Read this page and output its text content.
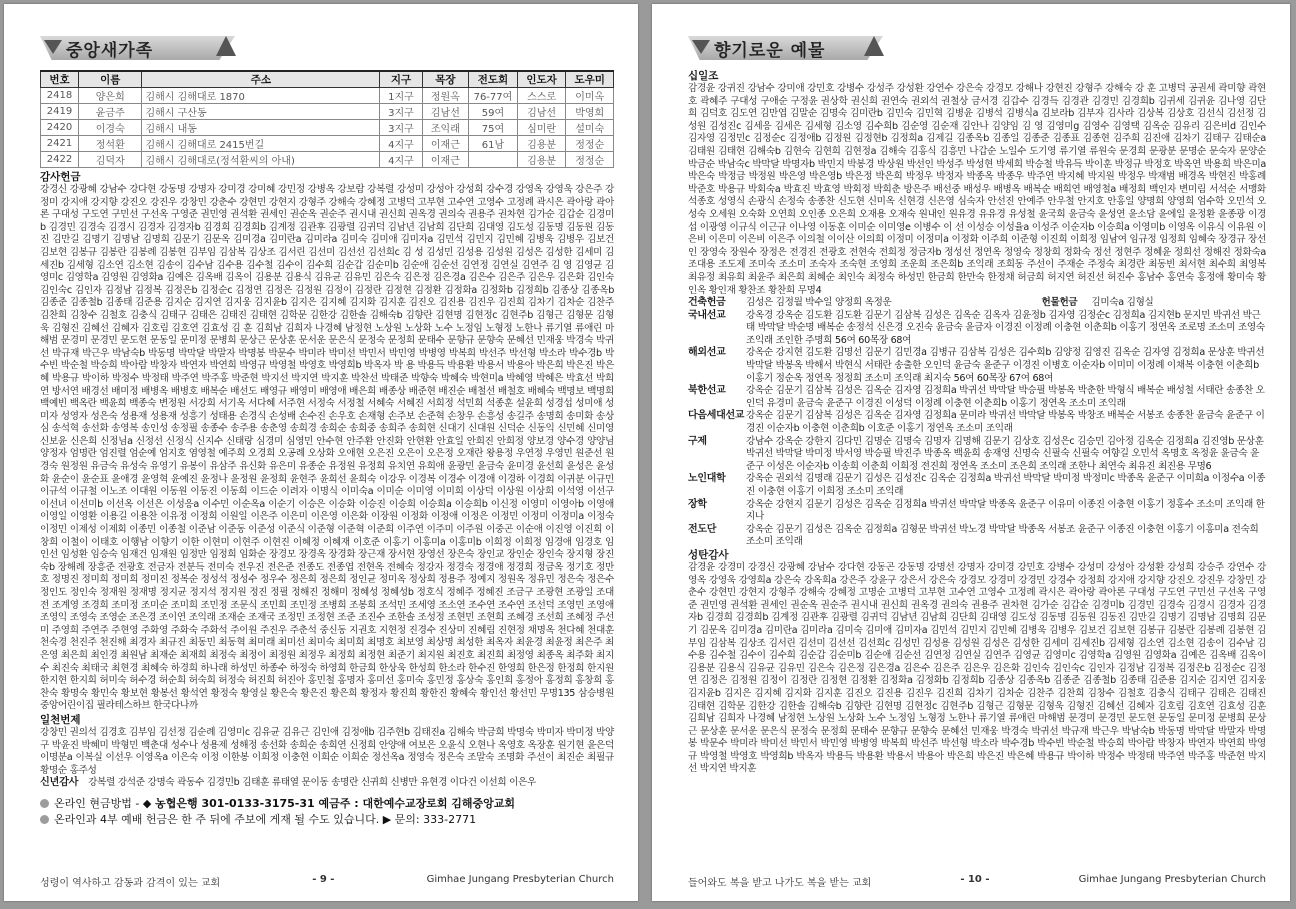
중앙새가족
번호	이름	주소	지구	목장	전도회	인도자	도우미
2418	양은희	김해시 김해대로 1870	1지구	정원옥	76-77여	스스로	이미옥
2419	윤금주	김해시 구산동	3지구	김남선	59여	김남선	박영희
2420	이경숙	김해시 내동	3지구	조익래	75여	심미란	설미숙
2421	정석환	김해시 김해대로 2415번길	4지구	이재근	61남	김용분	정정순
2422	김덕자	김해시 김해대로(정석환씨의 아내)	4지구	이재근		김용분	정정순
감사헌금

강경신 강광혜 강남수 강다현 강동명 강명자 강미경 강미혜 강민정 강병옥 강보람 강복렬 강성미 강성아 강성희 강수경 강영옥 강영욱 강은주 강정미 강지애 강지향 강진오 강진우 강창민 강춘수 강현민 강현지 강형주 강해숙 강혜정 고병덕 고부현 고수연 고영수 고정례 곽시은 곽아랑 곽아론 구대성 구도연 구민선 구선옥 구영준 권민영 권석환 권세인 권순옥 권순주 권시내 권신희 권옥경 권의숙 권용주 권차현 김가순 김갑순 김경미b 김경민 김경숙 김경시 김경자 김경자b 김경희 김경희b 김계정 김관후 김광렬 김귀덕 김남년 김남희 김단희 김대영 김도성 김동명 김동원 김동진 김만길 김명기 김명남 김명희 김문기 김문옥 김미경a 김미란a 김미라a 김미숙 김미애 김미자a 김민석 김민지 김민혜 김병욱 김병우 김보건 김보현 김봉규 김봉란 김봉례 김봉현 김부임 김삼복 김상조 김서린 김선미 김선선 김선희c 김 성 김성민 김성용 김성원 김성은 김성한 김세미 김세진b 김세형 김소연 김소현 김송이 김수남 김수용 김수철 김수이 김수희 김순갑 김순미b 김순애 김순선 김연정 김연실 김연주 김 영 김영균 김영미c 김영학a 김영원 김영화a 김예은 김옥배 김옥이 김용분 김용식 김유균 김유민 김은숙 김은정 김은경a 김은수 김은주 김은우 김은화 김인숙 김인숙c 김인자 김정남 김정복 김정은b 김정순c 김정연 김정은 김정원 김정이 김정란 김정현 김정환 김정화a 김정화b 김정희b 김종상 김종옥b 김종준 김종철b 김종태 김준용 김지순 김지연 김지웅 김지윤b 김지은 김지혜 김지화 김지훈 김진오 김진용 김진우 김진희 김차기 김차순 김찬주 김찬희 김창수 김철호 김충식 김태구 김태은 김태진 김태현 김학문 김한강 김한솔 김해숙b 김향란 김현명 김현정c 김현주b 김형근 김형문 김형욱 김형진 김혜선 김혜자 김호림 김호연 김효성 김 훈 김희남 김희자 나경혜 남정현 노상원 노상화 노수 노정임 노형정 노한나 류기열 류애린 마해범 문경미 문경민 문도현 문동일 문미정 문병희 문상근 문상훈 문서운 문은식 문정숙 문정희 문태수 문향규 문향숙 문혜선 민재웅 박경숙 박귀선 박규재 박근우 박남숙b 박동명 박막달 박말자 박명봉 박문수 박미라 박미선 박민서 박민영 박병영 박복희 박선주 박선형 박소라 박수경b 박수빈 박순철 박승희 박아람 박창자 박연자 박연희 박영규 박영철 박영호 박영희b 박옥자 박 용 박용득 박용환 박용서 박용아 박은희 박은진 박은혜 박용규 박이하 박정수 박정태 박주연 박주홍 박준현 박지선 박지연 박지훈 박찬선 박태준 박향숙 박혜숙 박현미a 박혜영 박혜은 박효선 박희연 방서연 배경선 배미정 배병옥 배병호 배복순 배선도 배영규 배영미 배영애 배은희 배종상 배준현 배진순 배철선 배철호 배혜숙 백명보 백명희 백예빈 백옥란 백윤희 백종숙 변정원 서강희 서기옥 서다혜 서주현 서정숙 서정철 서혜숙 서혜진 서희정 석민희 석종훈 설윤희 성경섭 성미애 성미자 성영자 성은숙 성용재 성용재 성흥기 성태용 손경식 손성배 손수진 손우호 손재형 손주보 손준혁 손창우 손흥성 송길주 송명희 송미화 송상심 송석혁 송선화 송영복 송인성 송정필 송종수 송주용 송춘영 송희경 송희순 송희중 송희주 송희현 신대기 신대원 신덕순 신동익 신민혜 신미영 신보윤 신은희 신정님a 신정선 신정식 신지수 신태랑 심경미 심영민 안수현 안주환 안진화 안현환 안효일 안희진 안희정 양보경 양수경 양양님 양정자 엄명란 엄진렬 엄순예 엄지호 염영철 예주희 오경희 오공례 오상화 오애현 오은진 오은이 오은정 오재란 왕용정 우연정 우영민 원준선 원경숙 원정원 유금숙 유성숙 유영기 유봉이 유삼주 유신화 유은미 유종순 유정원 유정희 유치연 유희애 윤광민 윤금숙 윤미경 윤선희 윤성은 윤성화 윤순이 윤순표 윤애경 윤영혁 윤예진 윤정나 윤정원 윤정희 윤현주 윤희선 윤희숙 이강우 이경복 이경수 이경애 이경하 이경희 이귀분 이규민 이규석 이규철 이노조 이대원 이동원 이동진 이동희 이드순 이려자 이명식 이미숙a 이미순 이미영 이미희 이상덕 이상원 이상희 이석영 이선구 이선녀 이선미b 이선옥 이선은 이성응a 이수민 이순옥a 이순기 이승은 이승화 이승진 이승희 이승희a 이승희b 이신정 이영미 이영아b 이영애 이영일 이영환 이용길 이용찬 이유정 이정희 이원일 이은주 이은미 이은영 이은화 이장원 이정화 이정애 이정은 이정민 이정미 이정미a 이정숙 이정민 이제성 이제회 이종민 이종철 이준남 이준동 이준성 이준식 이준형 이준혁 이준희 이주연 이주미 이주원 이중곤 이순애 이진영 이진희 이창희 이철이 이태호 이행남 이향기 이한 이현미 이현주 이현진 이혜정 이혜재 이호준 이홍기 이홍미a 이홍미b 이희정 이희정 임경애 임경호 임인선 임성환 임승숙 임재건 임재원 임정만 임정희 임화순 장경모 장경옥 장경화 장근재 장서현 장영선 장은숙 장인교 장인순 장인숙 장지형 장진숙b 장해례 장흥준 전광호 전금자 전분득 전미숙 전우진 전은준 전종도 전종엽 전현옥 전혜숙 정강자 정경숙 정경애 정경희 정금옥 정기호 정만호 정명진 정미희 정미희 정미진 정복순 정성석 정성수 정우수 정은희 정은희 정인균 정미옥 정상희 정용주 정예지 정원옥 정유민 정은숙 정은수 정인도 정인숙 정재원 정재명 정지균 정지석 정지원 정진 정필 정해진 정해미 정혜성 정혜성b 정호식 정혜주 정혜진 조금구 조광현 조광일 조대전 조계영 조경희 조미정 조미순 조미희 조민정 조문식 조민희 조민정 조병희 조봉희 조석민 조세영 조소연 조수연 조수연 조선덕 조영민 조영애 조영익 조영숙 조영순 조은경 조이연 조익래 조재순 조재국 조정민 조정현 조준 조진수 조한솔 조성정 조현민 조현희 조혜경 조선희 조혜정 주선미 주영희 주연주 주현영 주화영 주화숙 주화석 주이원 주진우 주춘석 중신동 지권호 지현정 진경수 진상미 진혜림 진현정 채명옥 천다혜 천대훈 천숙경 천진주 천진해 최경자 최규진 최동민 최동혁 최미래 최미선 최미숙 최미희 최명호 최보영 최상명 최성한 최옥자 최윤경 최윤정 최은주 최은영 최은희 최인경 최원남 최재순 최재희 최정숙 최정이 최정원 최정우 최정희 최정현 최준기 최지원 최진호 최진희 최정영 최종옥 최주화 최지수 최진숙 최태국 최현경 최혜숙 하경희 하나래 하성민 하종수 하정숙 하영희 한금희 한상욱 한성희 한소라 한수진 한영희 한은정 한정희 한지원 한지현 한지희 허미숙 허수경 허순희 허숙희 허정숙 허진희 허진아 홍민철 홍명자 홍미선 홍미숙 홍민정 홍상숙 홍인희 홍정아 홍정희 홍창희 홍찬숙 황명숙 황민숙 황보현 황봉선 황석연 황정숙 황영실 황은숙 황은진 황은희 황정자 황진희 황한진 황혜숙 황인선 황선민 무명135 삼승병원 중앙어린이집 필라테스하브 한국다나까

일천번제

강창민 권의석 김경호 김부임 김선정 김순례 김영미c 김유균 김유근 김인애 김정애b 김주현b 김태진a 김해숙 박금희 박명숙 박미자 박미정 박양구 박윤진 박혜미 박형민 백춘대 성수나 성용제 성해정 송선화 송희순 송희연 신정희 안양애 여보은 오윤식 오현나 옥영호 옥장훈 원기현 윤은덕 이명분a 이복실 이선우 이영옥a 이은숙 이정 이한봉 이희정 이충현 이희순 이희순 정선옥a 정영숙 정은숙 조말숙 조명화 주선이 최진순 최필규 황명순 홍주성

신년감사 강복렬 강석준 강명숙 곽동수 김경민b 김태훈 류태열 문이동 송명란 신귀희 신병만 유현경 이다건 이선희 이은우
온라인 현금방법 - ◆ 농협은행 301-0133-3175-31 예금주 : 대한예수교장로회 김해중앙교회
온라인과 4부 예배 헌금은 한 주 뒤에 주보에 게재 될 수도 있습니다. ▶ 문의: 333-2771
성령이 역사하고 감동과 감격이 있는 교회	- 9 -	Gimhae Jungang Presbyterian Church
향기로운 예물
십일조

감경윤 강귀진 강남수 강미애 강민호 강병수 강성주 강성환 강연수 강은숙 강경모 강해나 강현진 강형주 강해숙 강 훈 고병덕 공권세 곽미향 곽현호 곽혜주 구대성 구애순 구정윤 권상학 권신희 권연숙 권외석 권철상 금서경 김갑수 김경득 김경관 김경민 김경희b 김귀세 김귀윤 김나영 김단희 김덕호 김도연 김만엽 김말순 김명숙 김미란b 김민숙 김민혁 김병윤 김병석 김병식a 김보라b 김부자 김사라 김상복 김상호 김선식 김선정 김성원 김성진c 김세응 김세은 김세형 김소영 김수희b 김순영 김순재 김안나 김양임 김 영 김영미g 김영수 김영택 김옥순 김유리 김은비d 김인수 김자영 김정민c 김정순c 김정애b 김정원 김정현b 김정희a 김제길 김종옥b 김종일 김종준 김종표 김종현 김주희 김진애 김차기 김태구 김태순a 김태원 김태현 김해숙b 김현숙 김현희 김현정a 김해숙 김홍식 김흥민 나갑순 노일수 도기영 류기열 류원숙 문경희 문광분 문명순 문숙자 문양순 박금순 박남숙c 박막달 박명자b 박민지 박봉경 박상원 박선인 박성주 박성현 박세희 박승철 박유득 박이훈 박정규 박정호 박옥연 박용희 박은미a 박은숙 박정금 박정원 박은영 박은영b 박은정 박은희 박정우 박정자 박종옥 박종우 박주연 박지혜 박지원 박정우 박재범 배경옥 박현진 박홍례 박준호 박용규 박회숙a 박효진 박효영 박회정 박희춘 방은주 배선중 배성우 배병옥 배복순 배희연 배영철a 배정희 백인자 변미림 서석순 서맹화 석종호 성영식 손광식 손정숙 송종찬 신도현 신미옥 신현경 신은영 심숙자 안선진 안예주 안우철 안지호 안홍일 양명희 양영희 엄수학 오민석 오성숙 오세원 오숙화 오연희 오인종 오은희 오재용 오재숙 원내인 원유경 유유경 유성철 윤국희 윤금숙 윤성연 윤소담 윤에일 윤정환 윤종광 이경섭 이광영 이규식 이근규 이나영 이동훈 이미순 이미영e 이병수 이 선 이성승 이성율a 이성주 이순자b 이승희a 이영미b 이영옥 이유식 이유원 이은비 이은미 이은비 이은주 이의철 이이산 이의희 이정미 이정미a 이정화 이주희 이준형 이진희 이희정 임남여 임규정 임정희 임혜숙 장경규 장선인 장영숙 장원수 장정은 전경진 전광호 전현숙 전희정 정금자b 정성선 정연옥 정영숙 정창희 정화숙 정선 정현주 정혜윤 정희선 정해진 정화숙a 조대용 조도제 조미숙 조소미 조숙자 조숙현 조영희 조운희 조은희b 조익래 조희동 주선이 주재순 주정숙 최경란 최동빈 최서현 최수희 최영복 최유정 최유희 최윤주 최은희 최혜순 최인숙 최정숙 하성민 한금희 한만숙 한정채 허금희 허지연 허진선 허진수 홍남수 홍연숙 홍정애 황미숙 황인옥 황인재 황찬조 황찬희 무명4

건축헌금	김성은 김정월 박수일 양정희 옥정운	헌물헌금 김미숙a 김형실
국내선교	강옥경 강옥순 김도환 김도환 김문기 김삼복 김성은 김옥순 김옥자 김윤정b 김자영 김정순c 김정희a 김지현b 문지민 박귀선 박근태 박막달 박순명 배복순 송정석 신은경 오진숙 윤금숙 윤금자 이경진 이정례 이충현 이춘희b 이홍기 정연옥 조로명 조소미 조영숙 조익래 조인한 주명희 56여 60목장 68여
해외선교	강옥순 강지현 김도환 김명선 김문기 김민경a 김병규 김삼복 김성은 김수희b 김양정 김영진 김옥순 김자영 김정희a 문상훈 박귀선 박막달 박봉옥 박해서 박현식 서태란 송출한 오인덕 윤금숙 윤준구 이경진 이병호 이순자b 이미미 이정례 이채복 이충현 이춘희b 이홍기 정순옥 정연옥 정정희 조소미 조익래 최지숙 56여 60목장 67여 68여
북한선교	강옥순 김문기 김삼복 김성은 김옥순 김자영 김정희a 박귀선 박막달 박승필 박봉옥 박춘한 박형식 배복순 배성철 서태란 송종찬 오인덕 유경미 윤금숙 윤준구 이경진 이성덕 이정례 이충현 이춘희b 이홍기 정연옥 조소미 조익래
다음세대선교 강옥순 김문기 김삼복 김성은 김옥순 김자영 김정희a 문미라 박귀선 박막달 박봉옥 박창조 배복순 서봉조 송종찬 윤금숙 윤준구 이경진 이순자b 이충현 이춘희b 이호준 이홍기 정연옥 조소미 조익래
구제	강남수 강옥순 강한지 김다민 김명순 김명숙 김명자 김명해 김문기 김상호 김성은c 김승민 김아정 김옥순 김정희a 김진영b 문상훈 박귀선 박막달 박미정 박서영 박승필 박진주 박종옥 백윤희 송재영 신명숙 신필숙 신필숙 여향길 오민석 옥명호 옥정윤 윤금숙 윤준구 이성은 이순자b 이송희 이춘희 이희정 전진희 정연옥 조소미 조은희 조익래 조한나 최연숙 최유진 최진용 무명6
노인대학	강옥순 권외석 김명래 김문기 김성은 김성진c 김옥순 김정희a 박귀선 박막달 박미정 박정미c 박종옥 윤준구 이미희a 이정수a 이종진 이충현 이홍기 이희정 조소미 조익래
장학	강옥순 강현지 김문기 김성은 김옥순 김정희a 박귀선 박막달 박종옥 윤준구 이유미 이종진 이충현 이홍기 정홍수 조소미 조익래 한지나
전도단	강옥순 김문기 김성은 김옥순 김정희a 김형문 박귀선 박노경 박막달 박종옥 서봉조 윤준구 이종진 이충현 이홍기 이홍미a 전숙희 조소미 조익래
성탄감사

감경윤 강경미 강경신 강광혜 강남수 강다현 강동곤 강동명 강명선 강명자 강미경 강민호 강병수 강성미 강성아 강성환 강성희 강승주 강연수 강영옥 강영욱 강영희a 강은숙 강옥희a 강은주 강윤구 강은서 강은숙 강경모 강경미 강경민 강경수 강정희 강지애 강지향 강진오 강진우 강창민 강춘수 강현민 강현지 강형주 강해숙 강혜정 고명순 고병덕 고부현 고수연 고영수 고정례 곽시은 곽아랑 곽아론 구대성 구도연 구민선 구선옥 구영준 권민영 권석환 권세인 권순옥 권순주 권시내 권신희 권옥경 권의숙 권용주 권차현 김가순 김갑순 김경미b 김경민 김경숙 김경시 김경자 김경자b 김경희 김경희b 김계정 김관후 김광렬 김귀덕 김남년 김남희 김단희 김대영 김도성 김동명 김동원 김동진 김만길 김명기 김명남 김명희 김문기 김문옥 김미경a 김미란a 김미라a 김미숙 김미애 김미자a 김민석 김민지 김민혜 김병욱 김병우 김보건 김보현 김봉규 김봉란 김봉례 김봉현 김부임 김삼복 김상조 김서린 김선미 김선선 김선희c 김성민 김성용 김성원 김성은 김성한 김세미 김세진b 김세형 김소연 김소현 김송이 김수남 김수용 김수철 김수이 김수희 김순갑 김순미b 김순애 김순선 김연정 김연실 김연주 김영균 김영미c 김영학a 김영원 김영화a 김예은 김옥배 김옥이 김용분 김용식 김유균 김유민 김은숙 김은정 김은경a 김은수 김은주 김은우 김은화 김인숙 김인숙c 김인자 김정남 김정복 김정은b 김정순c 김정연 김정은 김정원 김정이 김정란 김정현 김정환 김정화a 김정화b 김정희b 김종상 김종옥b 김종준 김종철b 김종태 김준용 김지순 김지연 김지웅 김지윤b 김지은 김지혜 김지화 김지훈 김진오 김진용 김진우 김진희 김차기 김차순 김찬주 김찬희 김창수 김철호 김충식 김태구 김태은 김태진 김태현 김학문 김한강 김한솔 김해숙b 김향란 김현명 김현정c 김현주b 김형근 김형문 김형욱 김형진 김혜선 김혜자 김호림 김호연 김효성 김훈 김희남 김희자 나경혜 남정현 노상원 노상화 노수 노정임 노형정 노한나 류기열 류애린 마해범 문경미 문경민 문도현 문동일 문미정 문병희 문상근 문상훈 문서운 문은식 문정숙 문정희 문태수 문향규 문향숙 문혜선 민재웅 박경숙 박귀선 박규재 박근우 박남숙b 박동명 박막달 박말자 박명봉 박문수 박미라 박미선 박민서 박민영 박병영 박복희 박선주 박선형 박소라 박수경b 박수빈 박순철 박승희 박아람 박창자 박연자 박연희 박영규 박영철 박영호 박영희b 박옥자 박용득 박용환 박용서 박용아 박은희 박은진 박은혜 박용규 박이하 박정수 박정태 박주연 박주홍 박준현 박지선 박지연 박지훈

들어와도 복을 받고 나가도 복을 받는 교회	- 10 -	Gimhae Jungang Presbyterian Church
